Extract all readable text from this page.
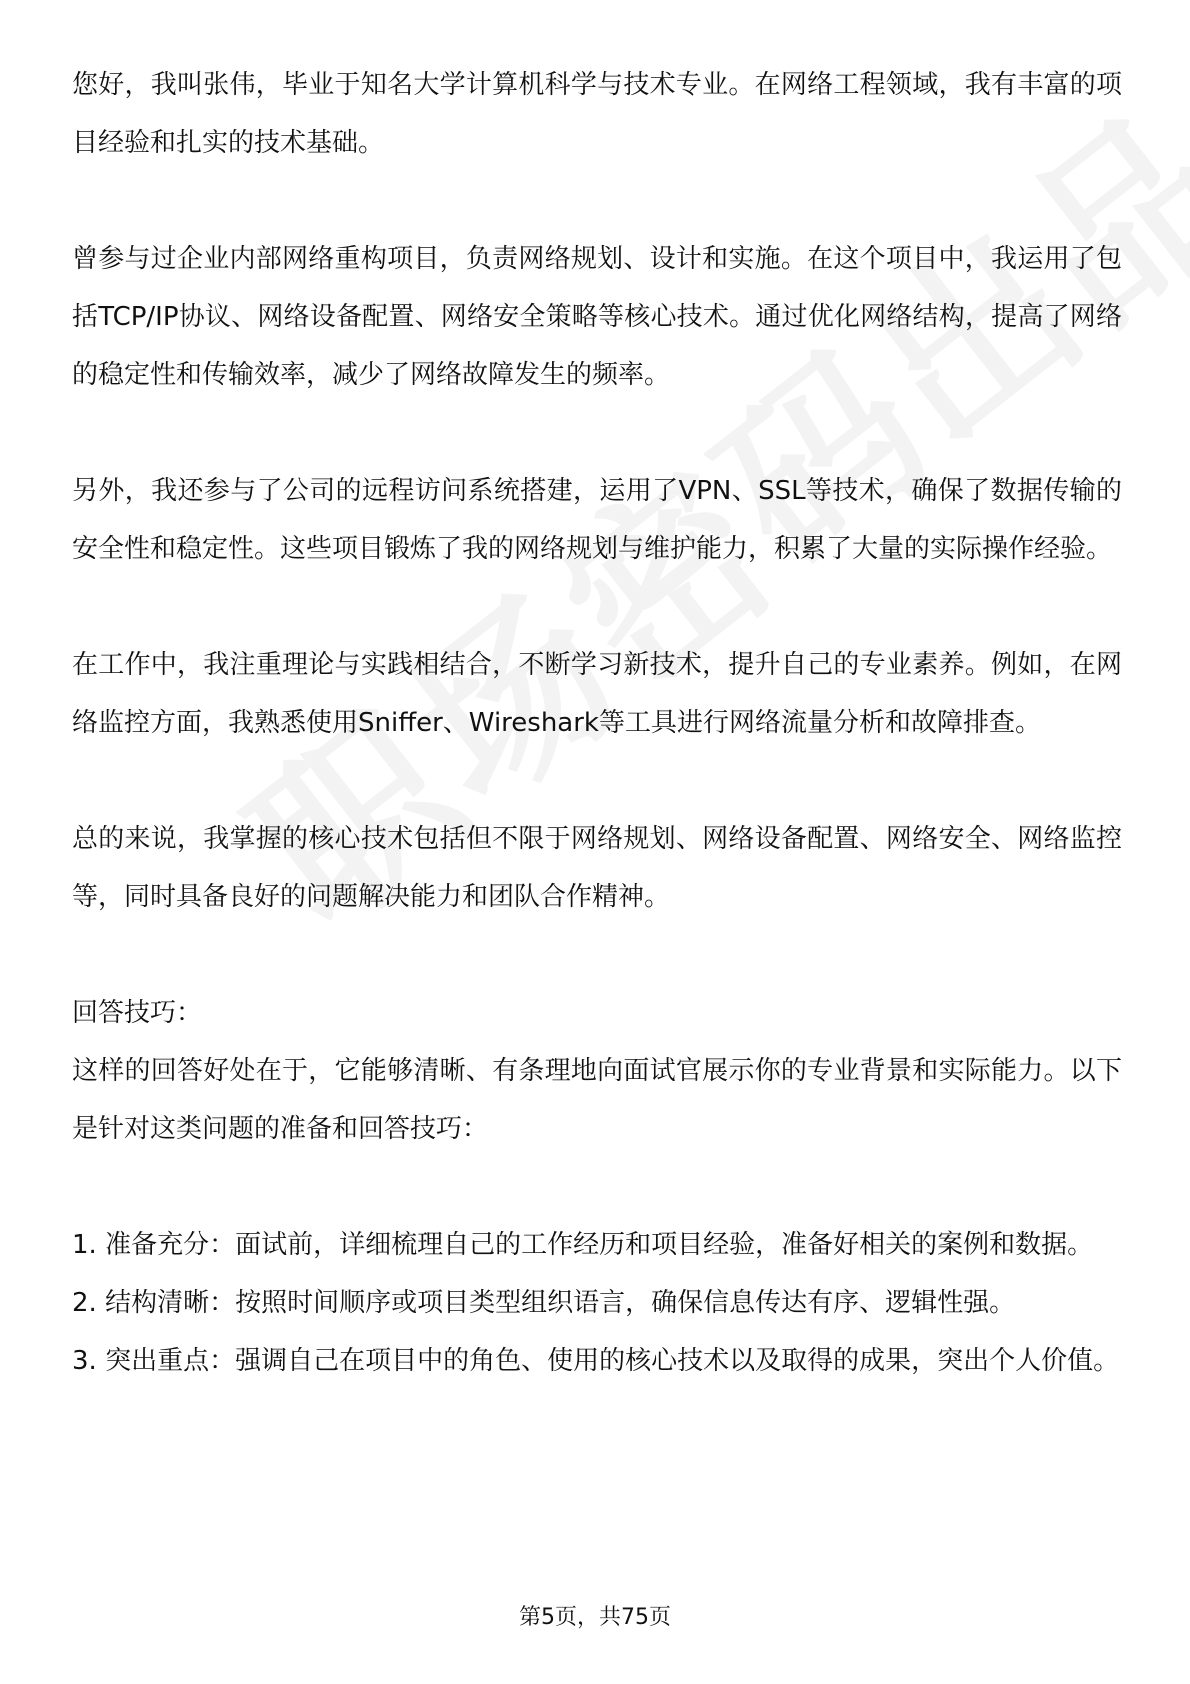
您好，我叫张伟，毕业于知名大学计算机科学与技术专业。在网络工程领域，我有丰富的项目经验和扎实的技术基础。

曾参与过企业内部网络重构项目，负责网络规划、设计和实施。在这个项目中，我运用了包括TCP/IP协议、网络设备配置、网络安全策略等核心技术。通过优化网络结构，提高了网络的稳定性和传输效率，减少了网络故障发生的频率。

另外，我还参与了公司的远程访问系统搭建，运用了VPN、SSL等技术，确保了数据传输的安全性和稳定性。这些项目锻炼了我的网络规划与维护能力，积累了大量的实际操作经验。

在工作中，我注重理论与实践相结合，不断学习新技术，提升自己的专业素养。例如，在网络监控方面，我熟悉使用Sniffer、Wireshark等工具进行网络流量分析和故障排查。

总的来说，我掌握的核心技术包括但不限于网络规划、网络设备配置、网络安全、网络监控等，同时具备良好的问题解决能力和团队合作精神。

回答技巧：

这样的回答好处在于，它能够清晰、有条理地向面试官展示你的专业背景和实际能力。以下是针对这类问题的准备和回答技巧：

1. 准备充分：面试前，详细梳理自己的工作经历和项目经验，准备好相关的案例和数据。

2. 结构清晰：按照时间顺序或项目类型组织语言，确保信息传达有序、逻辑性强。

3. 突出重点：强调自己在项目中的角色、使用的核心技术以及取得的成果，突出个人价值。

第5页，共75页
